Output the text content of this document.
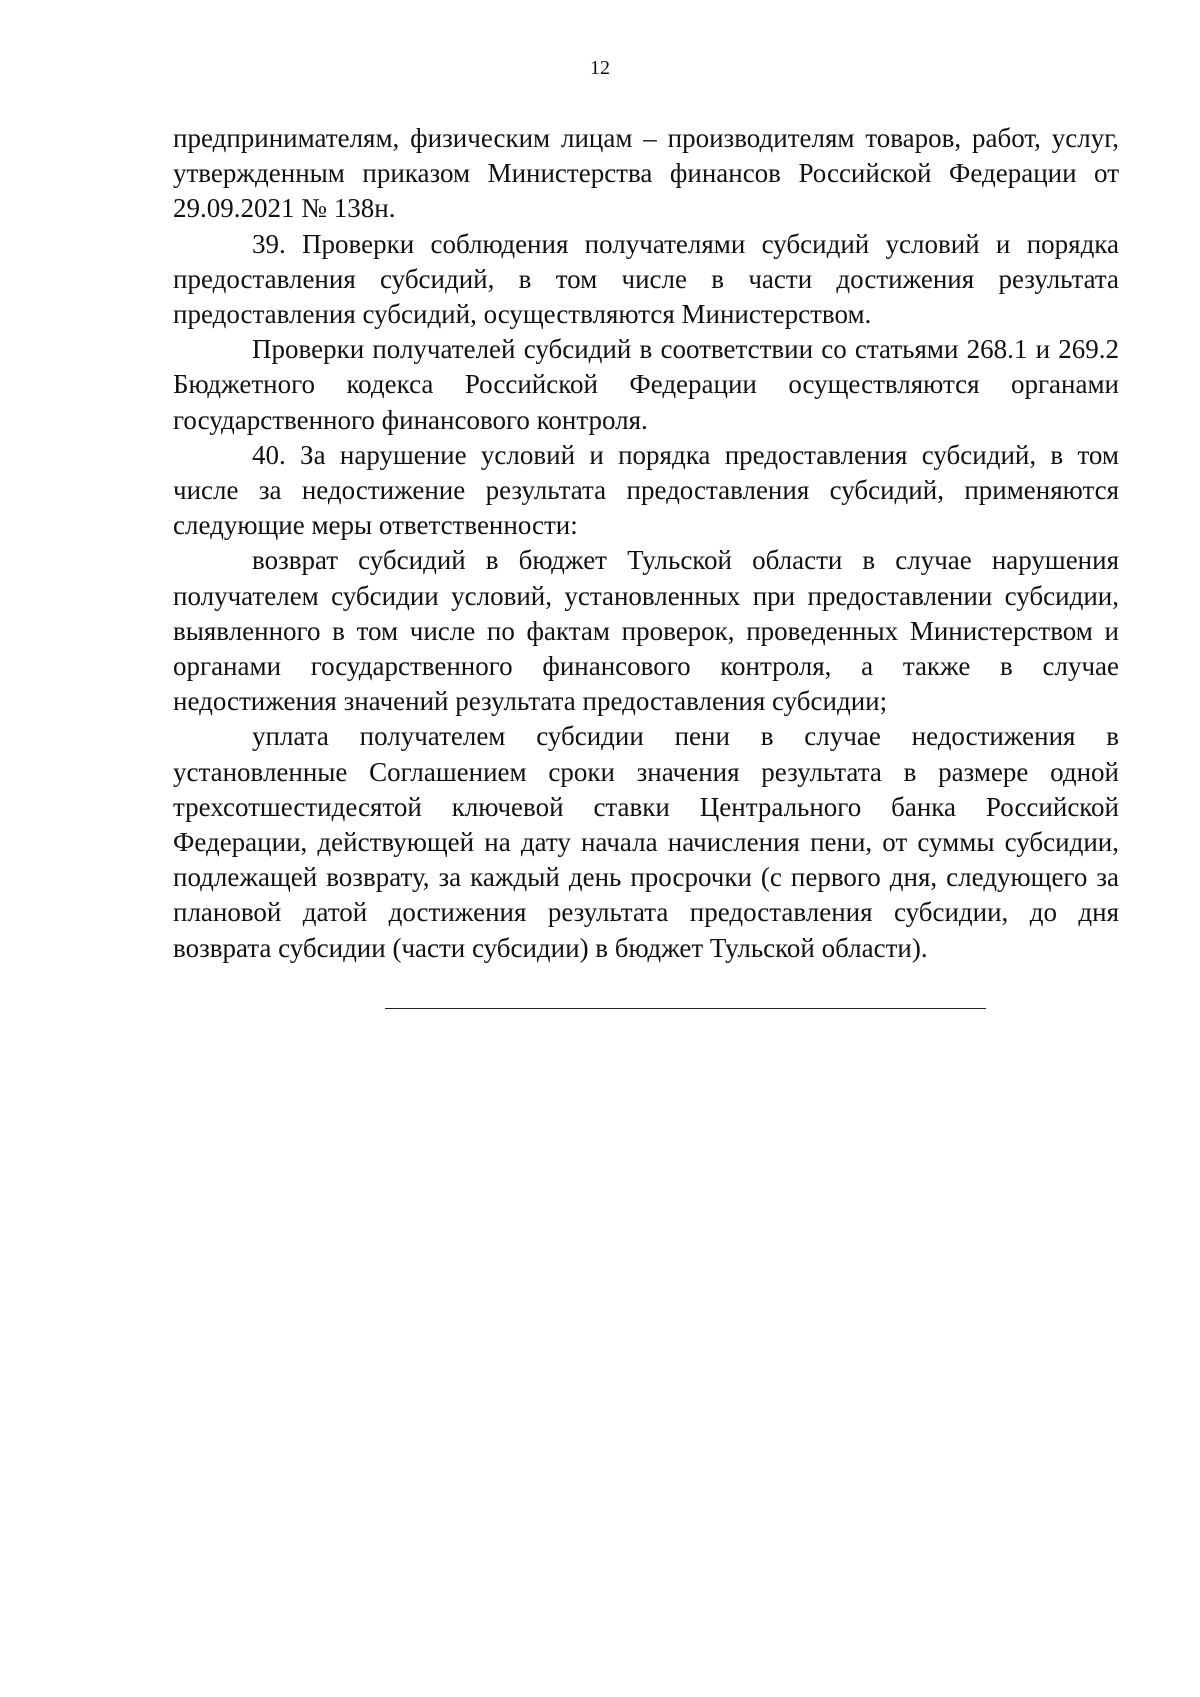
12

предпринимателям, физическим лицам – производителям товаров, работ, услуг, утвержденным приказом Министерства финансов Российской Федерации от 29.09.2021 № 138н.

39. Проверки соблюдения получателями субсидий условий и порядка предоставления субсидий, в том числе в части достижения результата предоставления субсидий, осуществляются Министерством.

Проверки получателей субсидий в соответствии со статьями 268.1 и 269.2 Бюджетного кодекса Российской Федерации осуществляются органами государственного финансового контроля.

40. За нарушение условий и порядка предоставления субсидий, в том числе за недостижение результата предоставления субсидий, применяются следующие меры ответственности:

возврат субсидий в бюджет Тульской области в случае нарушения получателем субсидии условий, установленных при предоставлении субсидии, выявленного в том числе по фактам проверок, проведенных Министерством и органами государственного финансового контроля, а также в случае недостижения значений результата предоставления субсидии;

уплата получателем субсидии пени в случае недостижения в установленные Соглашением сроки значения результата в размере одной трехсотшестидесятой ключевой ставки Центрального банка Российской Федерации, действующей на дату начала начисления пени, от суммы субсидии, подлежащей возврату, за каждый день просрочки (с первого дня, следующего за плановой датой достижения результата предоставления субсидии, до дня возврата субсидии (части субсидии) в бюджет Тульской области).
